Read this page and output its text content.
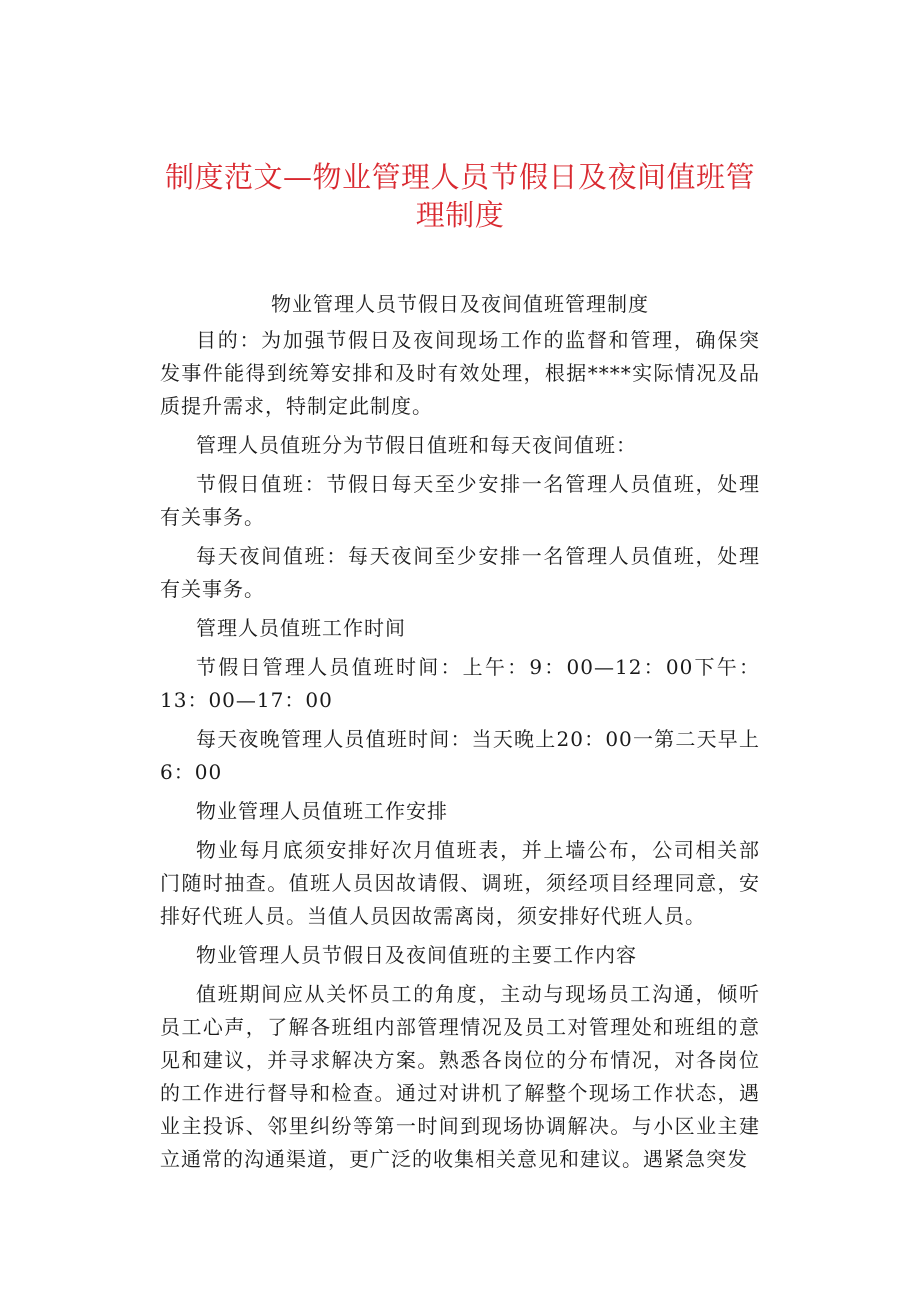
制度范文—物业管理人员节假日及夜间值班管理制度
物业管理人员节假日及夜间值班管理制度

目的：为加强节假日及夜间现场工作的监督和管理，确保突发事件能得到统筹安排和及时有效处理，根据****实际情况及品质提升需求，特制定此制度。

管理人员值班分为节假日值班和每天夜间值班：

节假日值班：节假日每天至少安排一名管理人员值班，处理有关事务。

每天夜间值班：每天夜间至少安排一名管理人员值班，处理有关事务。

管理人员值班工作时间

节假日管理人员值班时间：上午：9：00—12：00下午：13：00—17：00

每天夜晚管理人员值班时间：当天晚上20：00一第二天早上6：00

物业管理人员值班工作安排

物业每月底须安排好次月值班表，并上墙公布，公司相关部门随时抽查。值班人员因故请假、调班，须经项目经理同意，安排好代班人员。当值人员因故需离岗，须安排好代班人员。

物业管理人员节假日及夜间值班的主要工作内容

值班期间应从关怀员工的角度，主动与现场员工沟通，倾听员工心声，了解各班组内部管理情况及员工对管理处和班组的意见和建议，并寻求解决方案。熟悉各岗位的分布情况，对各岗位的工作进行督导和检查。通过对讲机了解整个现场工作状态，遇业主投诉、邻里纠纷等第一时间到现场协调解决。与小区业主建立通常的沟通渠道，更广泛的收集相关意见和建议。遇紧急突发
